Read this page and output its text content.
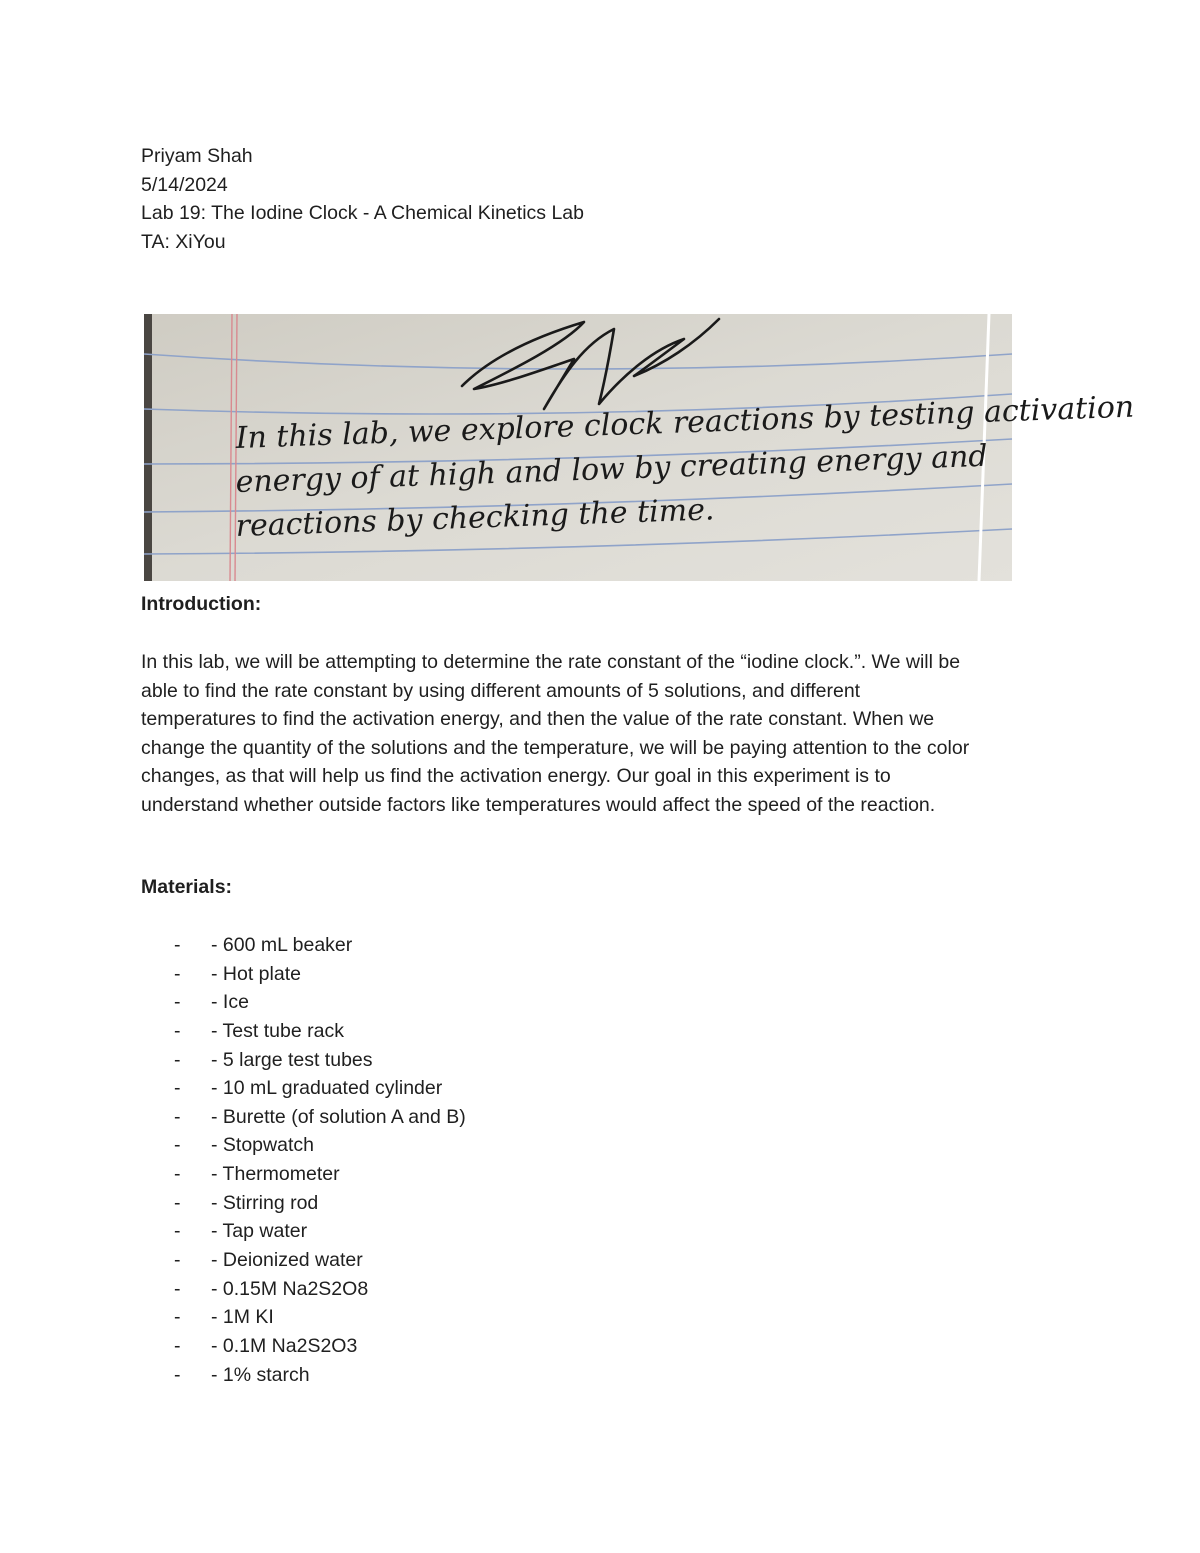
Priyam Shah
5/14/2024
Lab 19: The Iodine Clock - A Chemical Kinetics Lab
TA: XiYou
In this lab, we explore clock reactions by testing activation
energy of at high and low by creating energy and
reactions by checking the time.
Introduction:
In this lab, we will be attempting to determine the rate constant of the “iodine clock.”. We will be
able to find the rate constant by using different amounts of 5 solutions, and different
temperatures to find the activation energy, and then the value of the rate constant. When we
change the quantity of the solutions and the temperature, we will be paying attention to the color
changes, as that will help us find the activation energy. Our goal in this experiment is to
understand whether outside factors like temperatures would affect the speed of the reaction.
Materials:
- - 600 mL beaker
- - Hot plate
- - Ice
- - Test tube rack
- - 5 large test tubes
- - 10 mL graduated cylinder
- - Burette (of solution A and B)
- - Stopwatch
- - Thermometer
- - Stirring rod
- - Tap water
- - Deionized water
- - 0.15M Na2S2O8
- - 1M KI
- - 0.1M Na2S2O3
- - 1% starch
